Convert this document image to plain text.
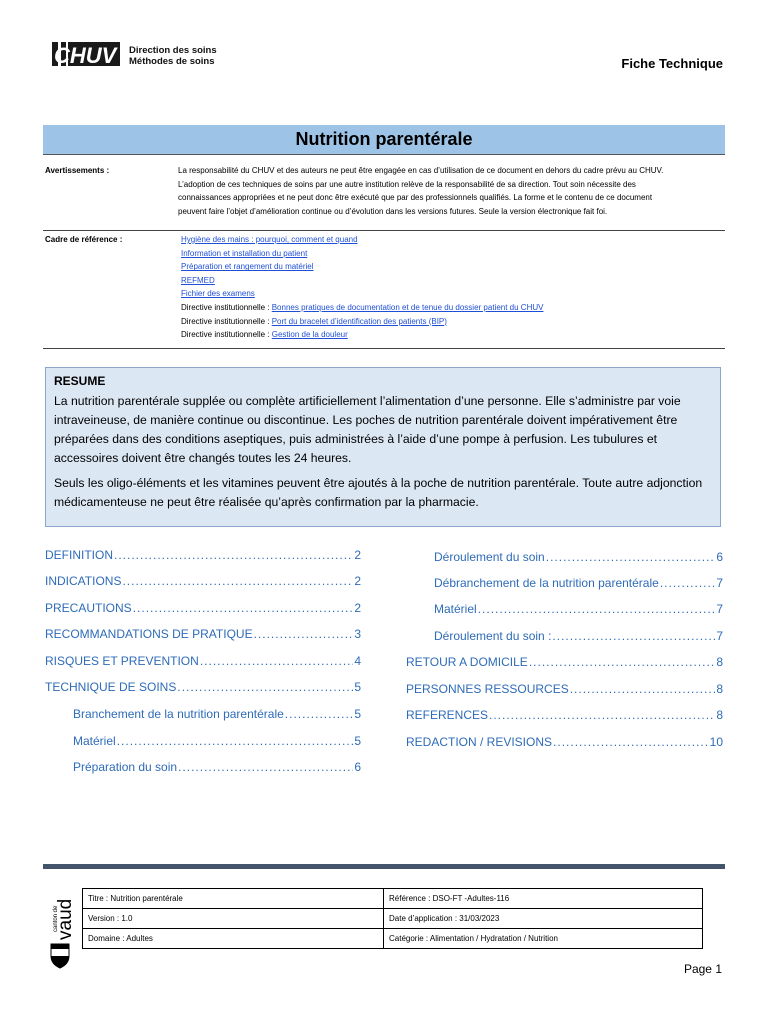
CHUV Direction des soins
Méthodes de soins	Fiche Technique
Nutrition parentérale
Avertissements :	La responsabilité du CHUV et des auteurs ne peut être engagée en cas d’utilisation de ce document en dehors du cadre prévu au CHUV.
L’adoption de ces techniques de soins par une autre institution relève de la responsabilité de sa direction. Tout soin nécessite des
connaissances appropriées et ne peut donc être exécuté que par des professionnels qualifiés. La forme et le contenu de ce document
peuvent faire l’objet d’amélioration continue ou d’évolution dans les versions futures. Seule la version électronique fait foi.
Cadre de référence :	Hygiène des mains : pourquoi, comment et quand
Information et installation du patient
Préparation et rangement du matériel
REFMED
Fichier des examens
Directive institutionnelle : Bonnes pratiques de documentation et de tenue du dossier patient du CHUV
Directive institutionnelle : Port du bracelet d’identification des patients (BIP)
Directive institutionnelle : Gestion de la douleur
RESUME

La nutrition parentérale supplée ou complète artificiellement l’alimentation d’une personne. Elle s’administre par voie intraveineuse, de manière continue ou discontinue. Les poches de nutrition parentérale doivent impérativement être préparées dans des conditions aseptiques, puis administrées à l’aide d’une pompe à perfusion. Les tubulures et accessoires doivent être changés toutes les 24 heures.

Seuls les oligo-éléments et les vitamines peuvent être ajoutés à la poche de nutrition parentérale. Toute autre adjonction médicamenteuse ne peut être réalisée qu’après confirmation par la pharmacie.

DEFINITION .....	2
INDICATIONS .....	2
PRECAUTIONS .....	2
RECOMMANDATIONS DE PRATIQUE .....	3
RISQUES ET PREVENTION .....	4
TECHNIQUE DE SOINS .....	5
Branchement de la nutrition parentérale .....	5
Matériel .....	5
Préparation du soin .....	6
Déroulement du soin .....	6
Débranchement de la nutrition parentérale .....	7
Matériel .....	7
Déroulement du soin : .....	7
RETOUR A DOMICILE .....	8
PERSONNES RESSOURCES .....	8
REFERENCES .....	8
REDACTION / REVISIONS .....	10
canton de
vaud
Titre : Nutrition parentérale	Référence : DSO-FT -Adultes-116
Version : 1.0	Date d’application : 31/03/2023
Domaine : Adultes	Catégorie : Alimentation / Hydratation / Nutrition
Page 1
